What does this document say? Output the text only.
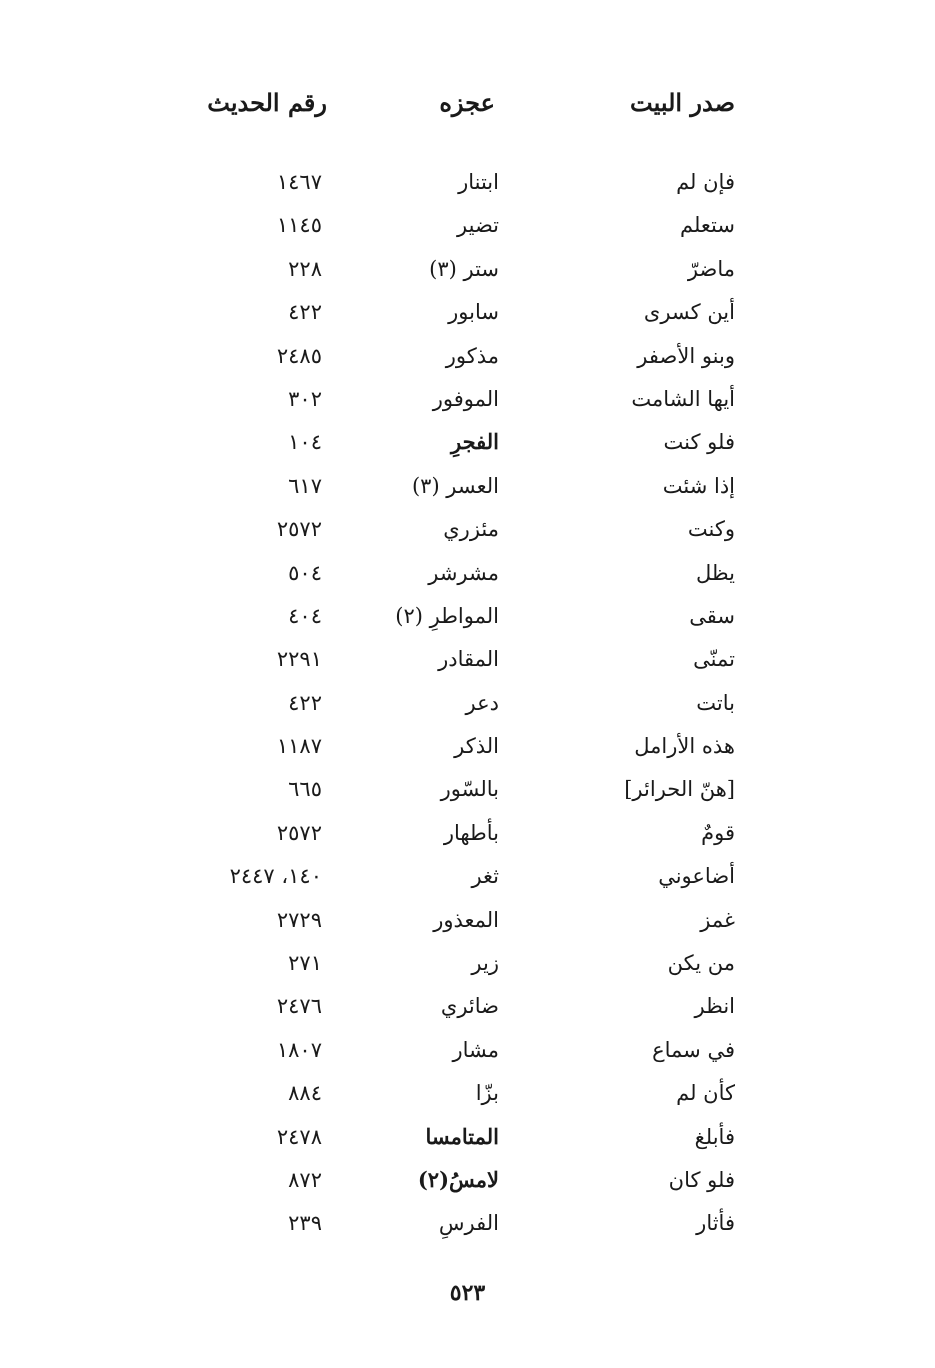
صدر البيت
عجزه
رقم الحديث
فإن لم
ابتنار
١٤٦٧
ستعلم
تضير
١١٤٥
ماضرّ
ستر (٣)
٢٢٨
أين كسرى
سابور
٤٢٢
وبنو الأصفر
مذكور
٢٤٨٥
أيها الشامت
الموفور
٣٠٢
فلو كنت
الفجرِ
١٠٤
إذا شئت
العسر (٣)
٦١٧
وكنت
مئزري
٢٥٧٢
يظل
مشرشر
٥٠٤
سقى
المواطرِ (٢)
٤٠٤
تمنّى
المقادر
٢٢٩١
باتت
دعر
٤٢٢
هذه الأرامل
الذكر
١١٨٧
[هنّ الحرائر]
بالسّور
٦٦٥
قومٌ
بأطهار
٢٥٧٢
أضاعوني
ثغر
١٤٠، ٢٤٤٧
غمز
المعذور
٢٧٢٩
من يكن
زير
٢٧١
انظر
ضائري
٢٤٧٦
في سماع
مشار
١٨٠٧
كأن لم
بزّا
٨٨٤
فأبلغ
المتامسا
٢٤٧٨
فلو كان
لامسُ(٢)
٨٧٢
فأثار
الفرسِ
٢٣٩
٥٢٣
